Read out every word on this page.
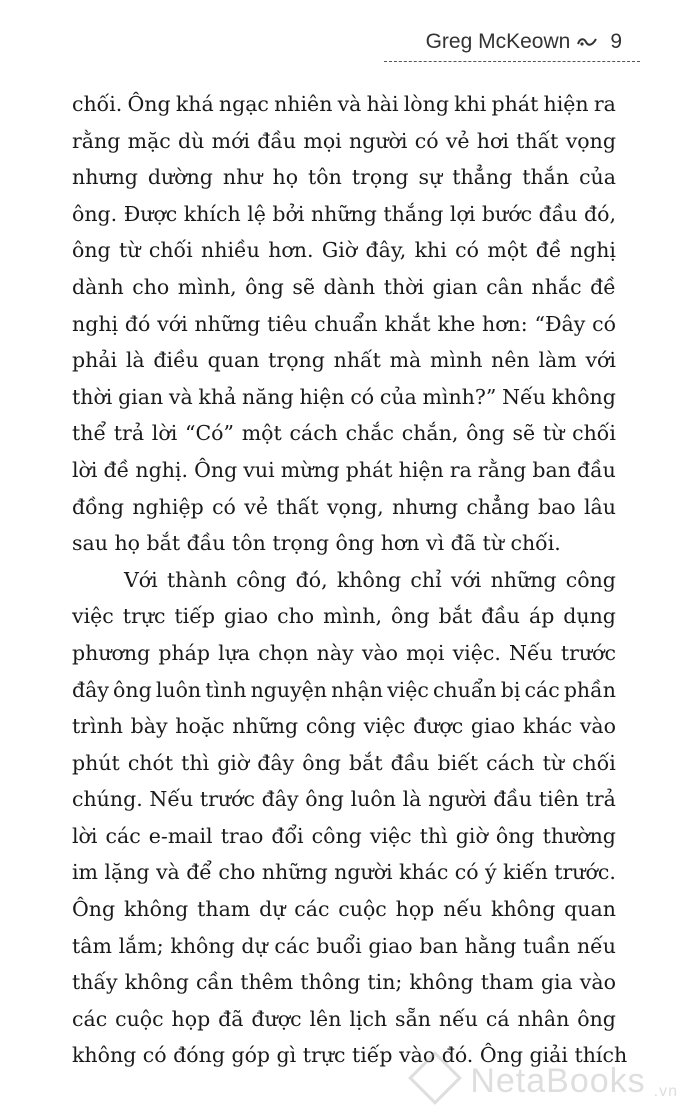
Greg McKeown 9
chối. Ông khá ngạc nhiên và hài lòng khi phát hiện ra
rằng mặc dù mới đầu mọi người có vẻ hơi thất vọng
nhưng dường như họ tôn trọng sự thẳng thắn của
ông. Được khích lệ bởi những thắng lợi bước đầu đó,
ông từ chối nhiều hơn. Giờ đây, khi có một đề nghị
dành cho mình, ông sẽ dành thời gian cân nhắc đề
nghị đó với những tiêu chuẩn khắt khe hơn: “Đây có
phải là điều quan trọng nhất mà mình nên làm với
thời gian và khả năng hiện có của mình?” Nếu không
thể trả lời “Có” một cách chắc chắn, ông sẽ từ chối
lời đề nghị. Ông vui mừng phát hiện ra rằng ban đầu
đồng nghiệp có vẻ thất vọng, nhưng chẳng bao lâu
sau họ bắt đầu tôn trọng ông hơn vì đã từ chối.
Với thành công đó, không chỉ với những công
việc trực tiếp giao cho mình, ông bắt đầu áp dụng
phương pháp lựa chọn này vào mọi việc. Nếu trước
đây ông luôn tình nguyện nhận việc chuẩn bị các phần
trình bày hoặc những công việc được giao khác vào
phút chót thì giờ đây ông bắt đầu biết cách từ chối
chúng. Nếu trước đây ông luôn là người đầu tiên trả
lời các e-mail trao đổi công việc thì giờ ông thường
im lặng và để cho những người khác có ý kiến trước.
Ông không tham dự các cuộc họp nếu không quan
tâm lắm; không dự các buổi giao ban hằng tuần nếu
thấy không cần thêm thông tin; không tham gia vào
các cuộc họp đã được lên lịch sẵn nếu cá nhân ông
không có đóng góp gì trực tiếp vào đó. Ông giải thích
NetaBooks .vn
